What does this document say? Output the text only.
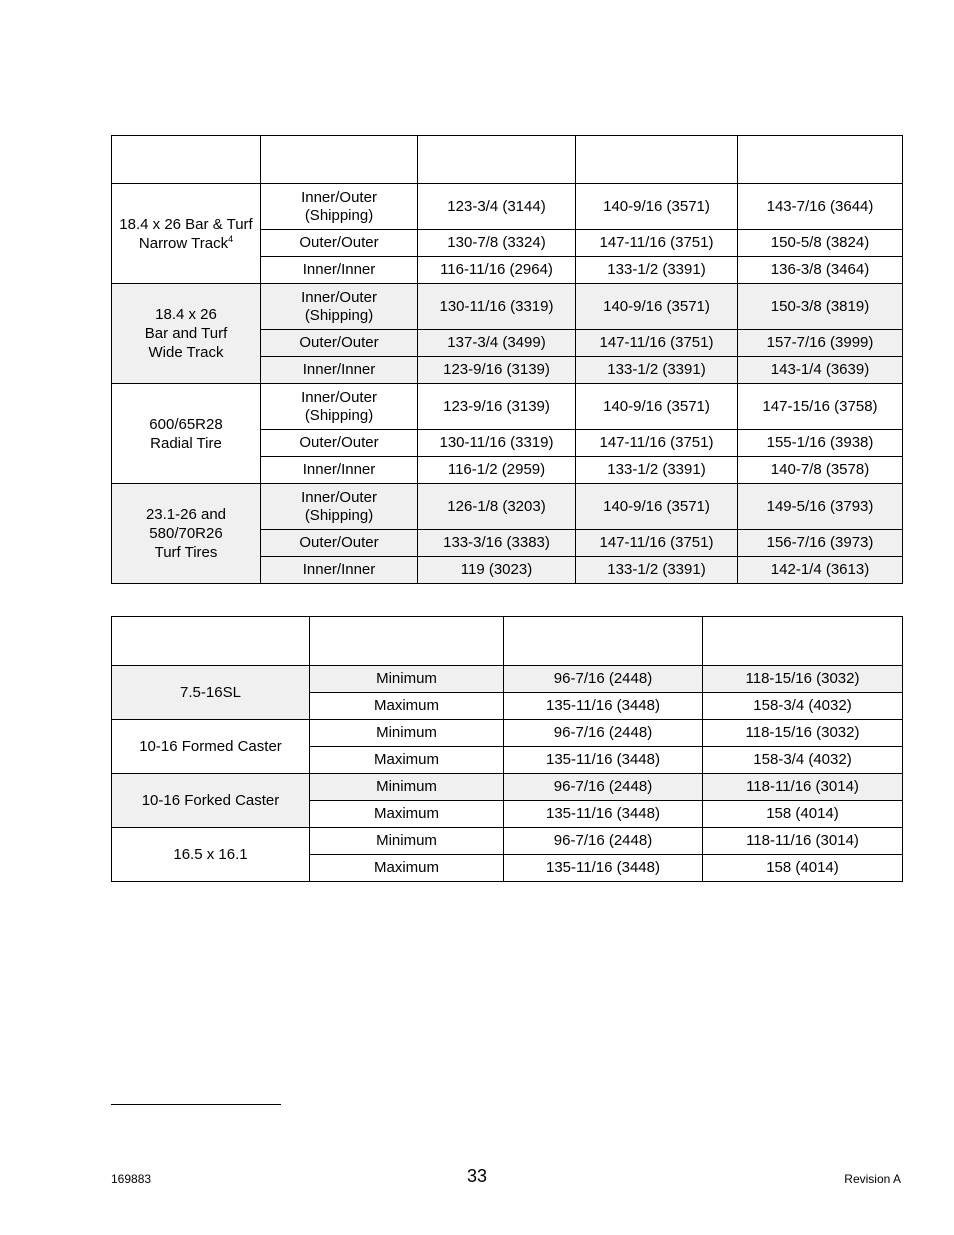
18.4 x 26 Bar & Turf
Narrow Track$^4$	Inner/Outer
(Shipping)	123-3/4 (3144)	140-9/16 (3571)	143-7/16 (3644)
	Outer/Outer	130-7/8 (3324)	147-11/16 (3751)	150-5/8 (3824)
	Inner/Inner	116-11/16 (2964)	133-1/2 (3391)	136-3/8 (3464)
18.4 x 26
Bar and Turf
Wide Track	Inner/Outer
(Shipping)	130-11/16 (3319)	140-9/16 (3571)	150-3/8 (3819)
	Outer/Outer	137-3/4 (3499)	147-11/16 (3751)	157-7/16 (3999)
	Inner/Inner	123-9/16 (3139)	133-1/2 (3391)	143-1/4 (3639)
600/65R28
Radial Tire	Inner/Outer
(Shipping)	123-9/16 (3139)	140-9/16 (3571)	147-15/16 (3758)
	Outer/Outer	130-11/16 (3319)	147-11/16 (3751)	155-1/16 (3938)
	Inner/Inner	116-1/2 (2959)	133-1/2 (3391)	140-7/8 (3578)
23.1-26 and
580/70R26
Turf Tires	Inner/Outer
(Shipping)	126-1/8 (3203)	140-9/16 (3571)	149-5/16 (3793)
	Outer/Outer	133-3/16 (3383)	147-11/16 (3751)	156-7/16 (3973)
	Inner/Inner	119 (3023)	133-1/2 (3391)	142-1/4 (3613)

7.5-16SL	Minimum	96-7/16 (2448)	118-15/16 (3032)
	Maximum	135-11/16 (3448)	158-3/4 (4032)
10-16 Formed Caster	Minimum	96-7/16 (2448)	118-15/16 (3032)
	Maximum	135-11/16 (3448)	158-3/4 (4032)
10-16 Forked Caster	Minimum	96-7/16 (2448)	118-11/16 (3014)
	Maximum	135-11/16 (3448)	158 (4014)
16.5 x 16.1	Minimum	96-7/16 (2448)	118-11/16 (3014)
	Maximum	135-11/16 (3448)	158 (4014)
169883	33	Revision A
